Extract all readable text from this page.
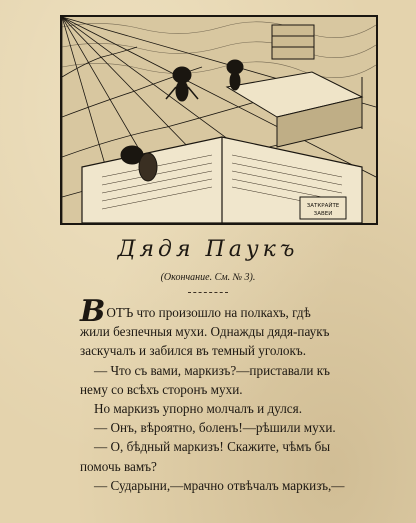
ЗАТКРАЙТЕ
ЗАВЕИ
Дядя Паукъ
(Окончание. См. № 3).
ВОТЪ что произошло на полкахъ, гдѣ
жили безпечныя мухи. Однажды дядя-паукъ
заскучалъ и забился въ темный уголокъ.
— Что съ вами, маркизъ?—приставали къ
нему со всѣхъ сторонъ мухи.
Но маркизъ упорно молчалъ и дулся.
— Онъ, вѣроятно, боленъ!—рѣшили мухи.
— О, бѣдный маркизъ! Скажите, чѣмъ бы
помочь вамъ?
— Сударыни,—мрачно отвѣчалъ маркизъ,—
